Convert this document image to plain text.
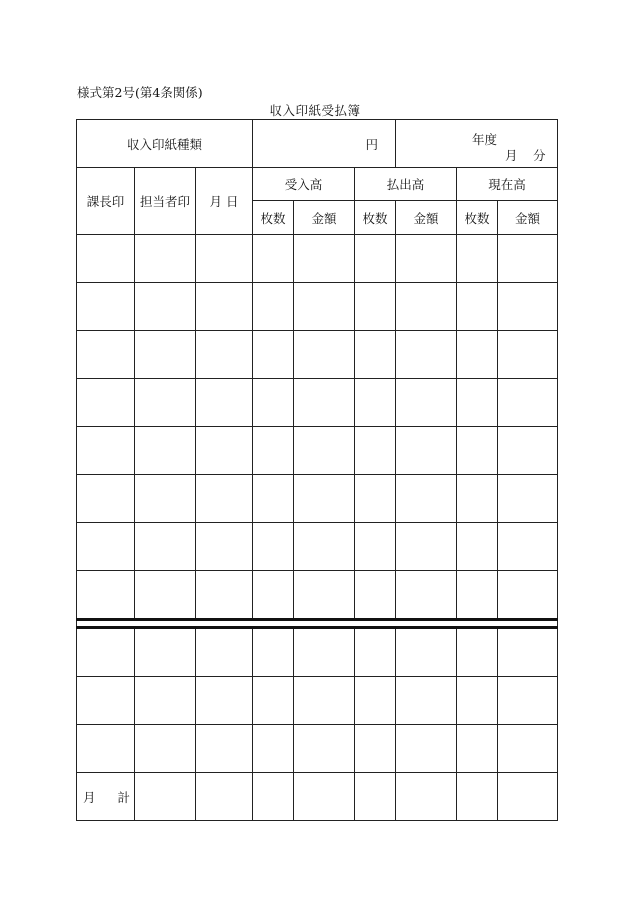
様式第2号(第4条関係)
収入印紙受払簿
収入印紙種類			円			年度
月 分		

課長印	担当者印	月 日	受入高		払出高		現在高	
			枚数	金額	枚数	金額	枚数	金額

月 計								
